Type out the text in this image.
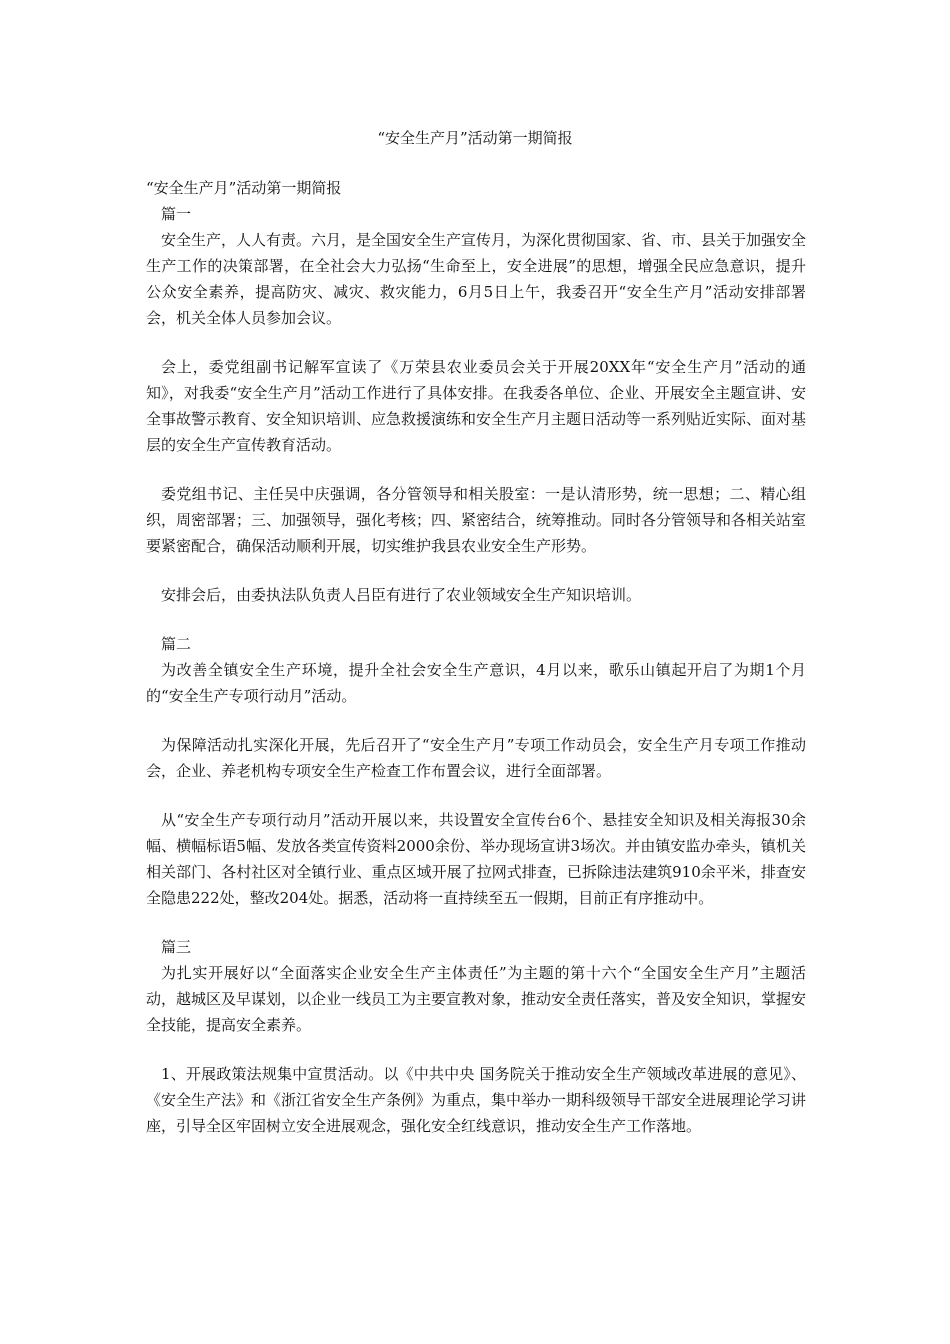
“安全生产月”活动第一期简报

“安全生产月”活动第一期简报

篇一

安全生产，人人有责。六月，是全国安全生产宣传月，为深化贯彻国家、省、市、县关于加强安全生产工作的决策部署，在全社会大力弘扬“生命至上，安全进展”的思想，增强全民应急意识，提升公众安全素养，提高防灾、减灾、救灾能力，6月5日上午，我委召开“安全生产月”活动安排部署会，机关全体人员参加会议。

会上，委党组副书记解军宣读了《万荣县农业委员会关于开展20XX年“安全生产月”活动的通知》，对我委“安全生产月”活动工作进行了具体安排。在我委各单位、企业、开展安全主题宣讲、安全事故警示教育、安全知识培训、应急救援演练和安全生产月主题日活动等一系列贴近实际、面对基层的安全生产宣传教育活动。

委党组书记、主任吴中庆强调，各分管领导和相关股室：一是认清形势，统一思想；二、精心组织，周密部署；三、加强领导，强化考核；四、紧密结合，统筹推动。同时各分管领导和各相关站室要紧密配合，确保活动顺利开展，切实维护我县农业安全生产形势。

安排会后，由委执法队负责人吕臣有进行了农业领域安全生产知识培训。

篇二

为改善全镇安全生产环境，提升全社会安全生产意识，4月以来，歌乐山镇起开启了为期1个月的“安全生产专项行动月”活动。

为保障活动扎实深化开展，先后召开了“安全生产月”专项工作动员会，安全生产月专项工作推动会，企业、养老机构专项安全生产检查工作布置会议，进行全面部署。

从“安全生产专项行动月”活动开展以来，共设置安全宣传台6个、悬挂安全知识及相关海报30余幅、横幅标语5幅、发放各类宣传资料2000余份、举办现场宣讲3场次。并由镇安监办牵头，镇机关相关部门、各村社区对全镇行业、重点区域开展了拉网式排查，已拆除违法建筑910余平米，排查安全隐患222处，整改204处。据悉，活动将一直持续至五一假期，目前正有序推动中。

篇三

为扎实开展好以“全面落实企业安全生产主体责任”为主题的第十六个“全国安全生产月”主题活动，越城区及早谋划，以企业一线员工为主要宣教对象，推动安全责任落实，普及安全知识，掌握安全技能，提高安全素养。

1、开展政策法规集中宣贯活动。以《中共中央 国务院关于推动安全生产领域改革进展的意见》、《安全生产法》和《浙江省安全生产条例》为重点，集中举办一期科级领导干部安全进展理论学习讲座，引导全区牢固树立安全进展观念，强化安全红线意识，推动安全生产工作落地。
